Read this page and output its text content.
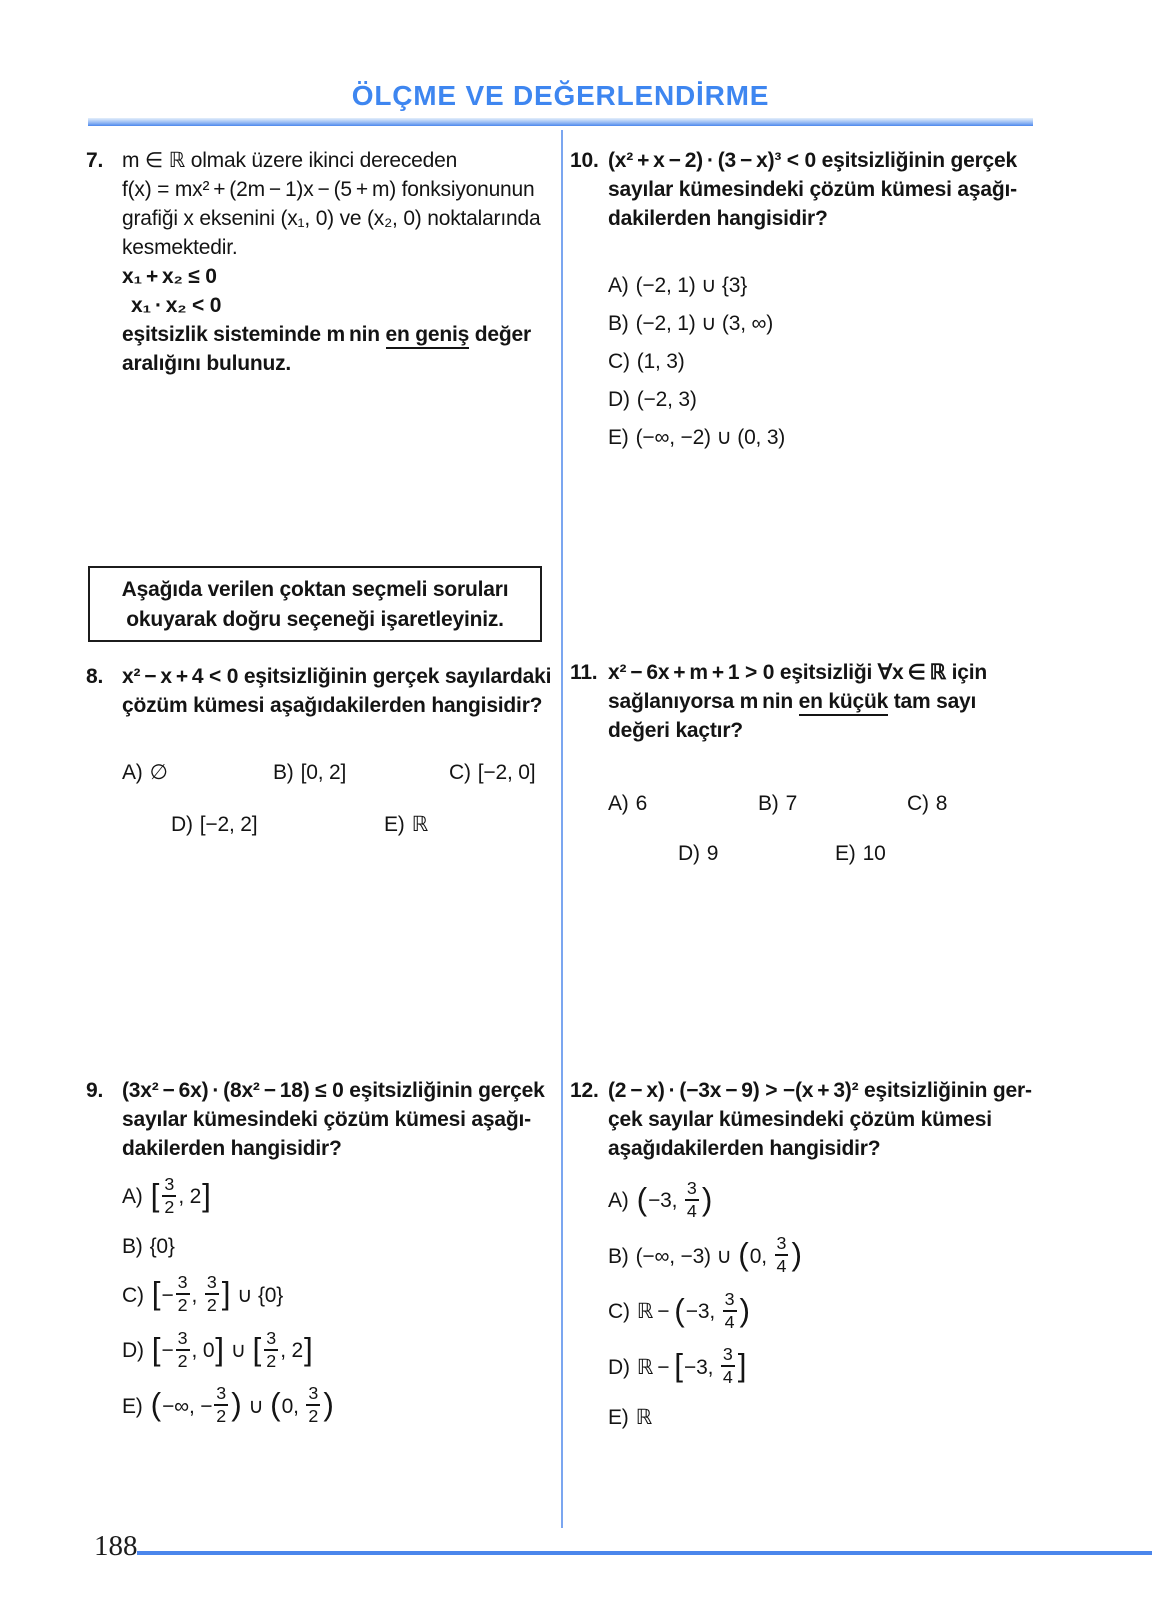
ÖLÇME VE DEĞERLENDİRME
7. m ∈ ℝ olmak üzere ikinci dereceden

f(x) = mx² + (2m − 1)x − (5 + m) fonksiyonunun

grafiği x eksenini (x₁, 0) ve (x₂, 0) noktalarında

kesmektedir.

x₁ + x₂ ≤ 0

x₁ · x₂ < 0

eşitsizlik sisteminde m nin en geniş değer

aralığını bulunuz.

Aşağıda verilen çoktan seçmeli soruları

okuyarak doğru seçeneği işaretleyiniz.

8. x² − x + 4 < 0 eşitsizliğinin gerçek sayılardaki

çözüm kümesi aşağıdakilerden hangisidir?

A) ∅	B) [0, 2]	C) [−2, 0]
D) [−2, 2]	E) ℝ
9. (3x² − 6x) · (8x² − 18) ≤ 0 eşitsizliğinin gerçek

sayılar kümesindeki çözüm kümesi aşağı-

dakilerden hangisidir?

A) [ $\frac{3}{2}$ , 2]

B) {0}

C) [− $\frac{3}{2}$ , $\frac{3}{2}$ ] ∪ {0}

D) [− $\frac{3}{2}$ , 0] ∪ [ $\frac{3}{2}$ , 2]

E) (−∞, − $\frac{3}{2}$ ) ∪ (0, $\frac{3}{2}$ )

10. (x² + x − 2) · (3 − x)³ < 0 eşitsizliğinin gerçek

sayılar kümesindeki çözüm kümesi aşağı-

dakilerden hangisidir?

A) (−2, 1) ∪ {3}

B) (−2, 1) ∪ (3, ∞)

C) (1, 3)

D) (−2, 3)

E) (−∞, −2) ∪ (0, 3)

11. x² − 6x + m + 1 > 0 eşitsizliği ∀x ∈ ℝ için

sağlanıyorsa m nin en küçük tam sayı

değeri kaçtır?

A) 6	B) 7	C) 8
D) 9	E) 10
12. (2 − x) · (−3x − 9) > −(x + 3)² eşitsizliğinin ger-

çek sayılar kümesindeki çözüm kümesi

aşağıdakilerden hangisidir?

A) (−3, $\frac{3}{4}$ )

B) (−∞, −3) ∪ (0, $\frac{3}{4}$ )

C) ℝ − (−3, $\frac{3}{4}$ )

D) ℝ − [−3, $\frac{3}{4}$ ]

E) ℝ

188
